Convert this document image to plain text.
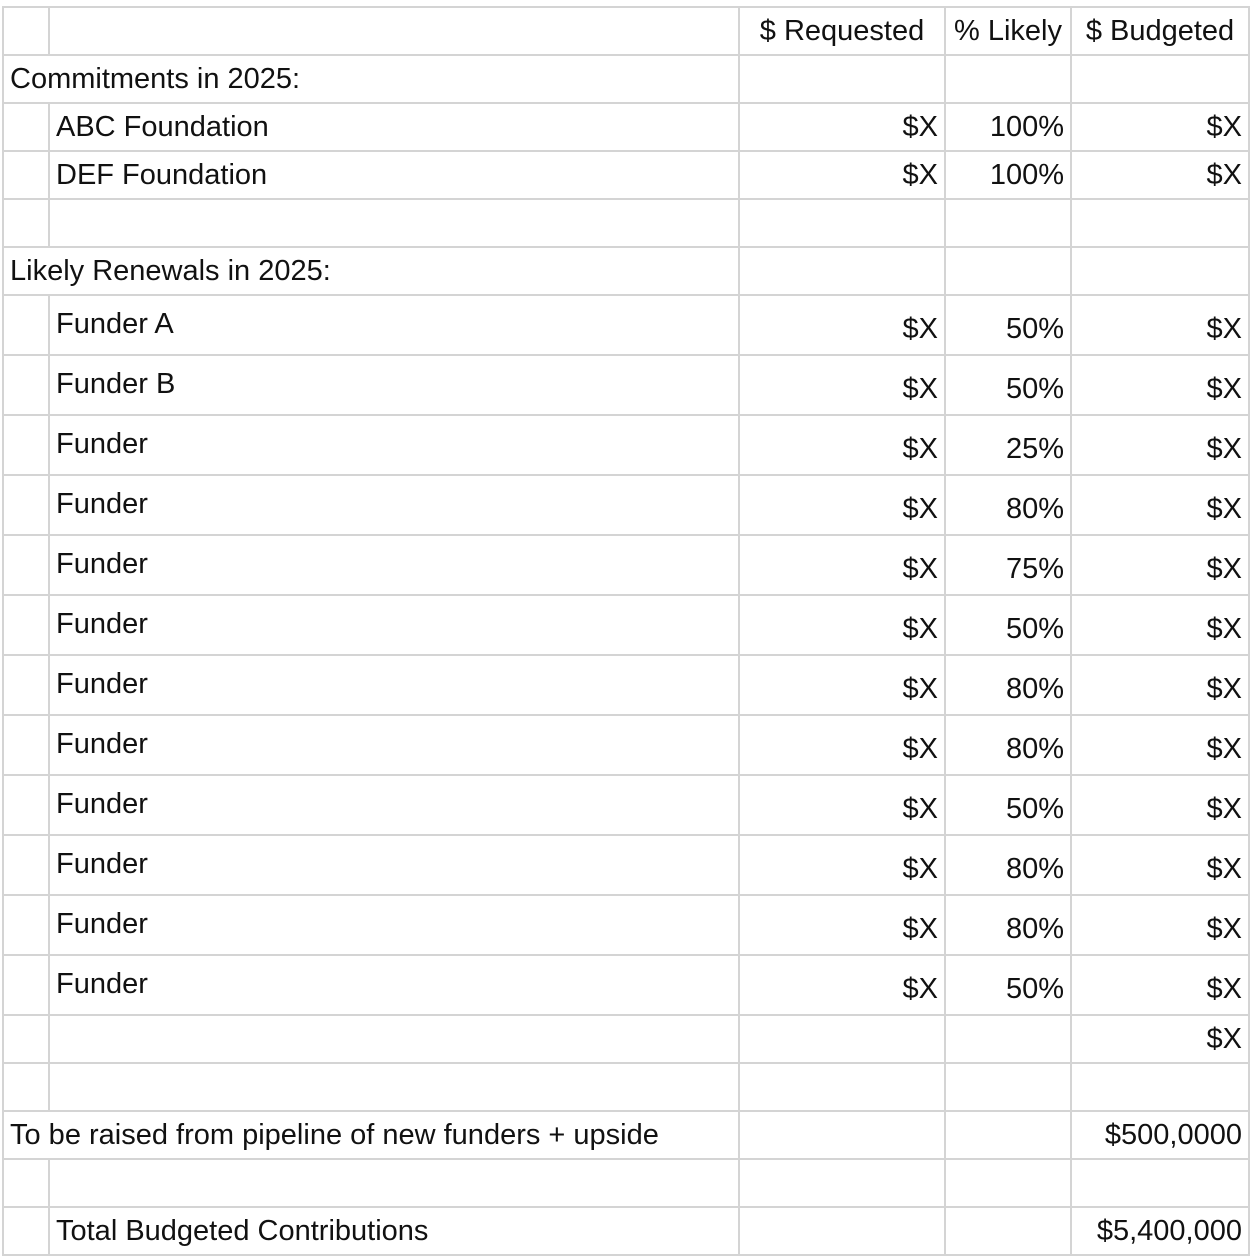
		$ Requested	% Likely	$ Budgeted
Commitments in 2025:				
	ABC Foundation	$X	100%	$X
	DEF Foundation	$X	100%	$X

Likely Renewals in 2025:				
	Funder A	$X	50%	$X
	Funder B	$X	50%	$X
	Funder	$X	25%	$X
	Funder	$X	80%	$X
	Funder	$X	75%	$X
	Funder	$X	50%	$X
	Funder	$X	80%	$X
	Funder	$X	80%	$X
	Funder	$X	50%	$X
	Funder	$X	80%	$X
	Funder	$X	80%	$X
	Funder	$X	50%	$X
				$X

To be raised from pipeline of new funders + upside				$500,0000

	Total Budgeted Contributions			$5,400,000
